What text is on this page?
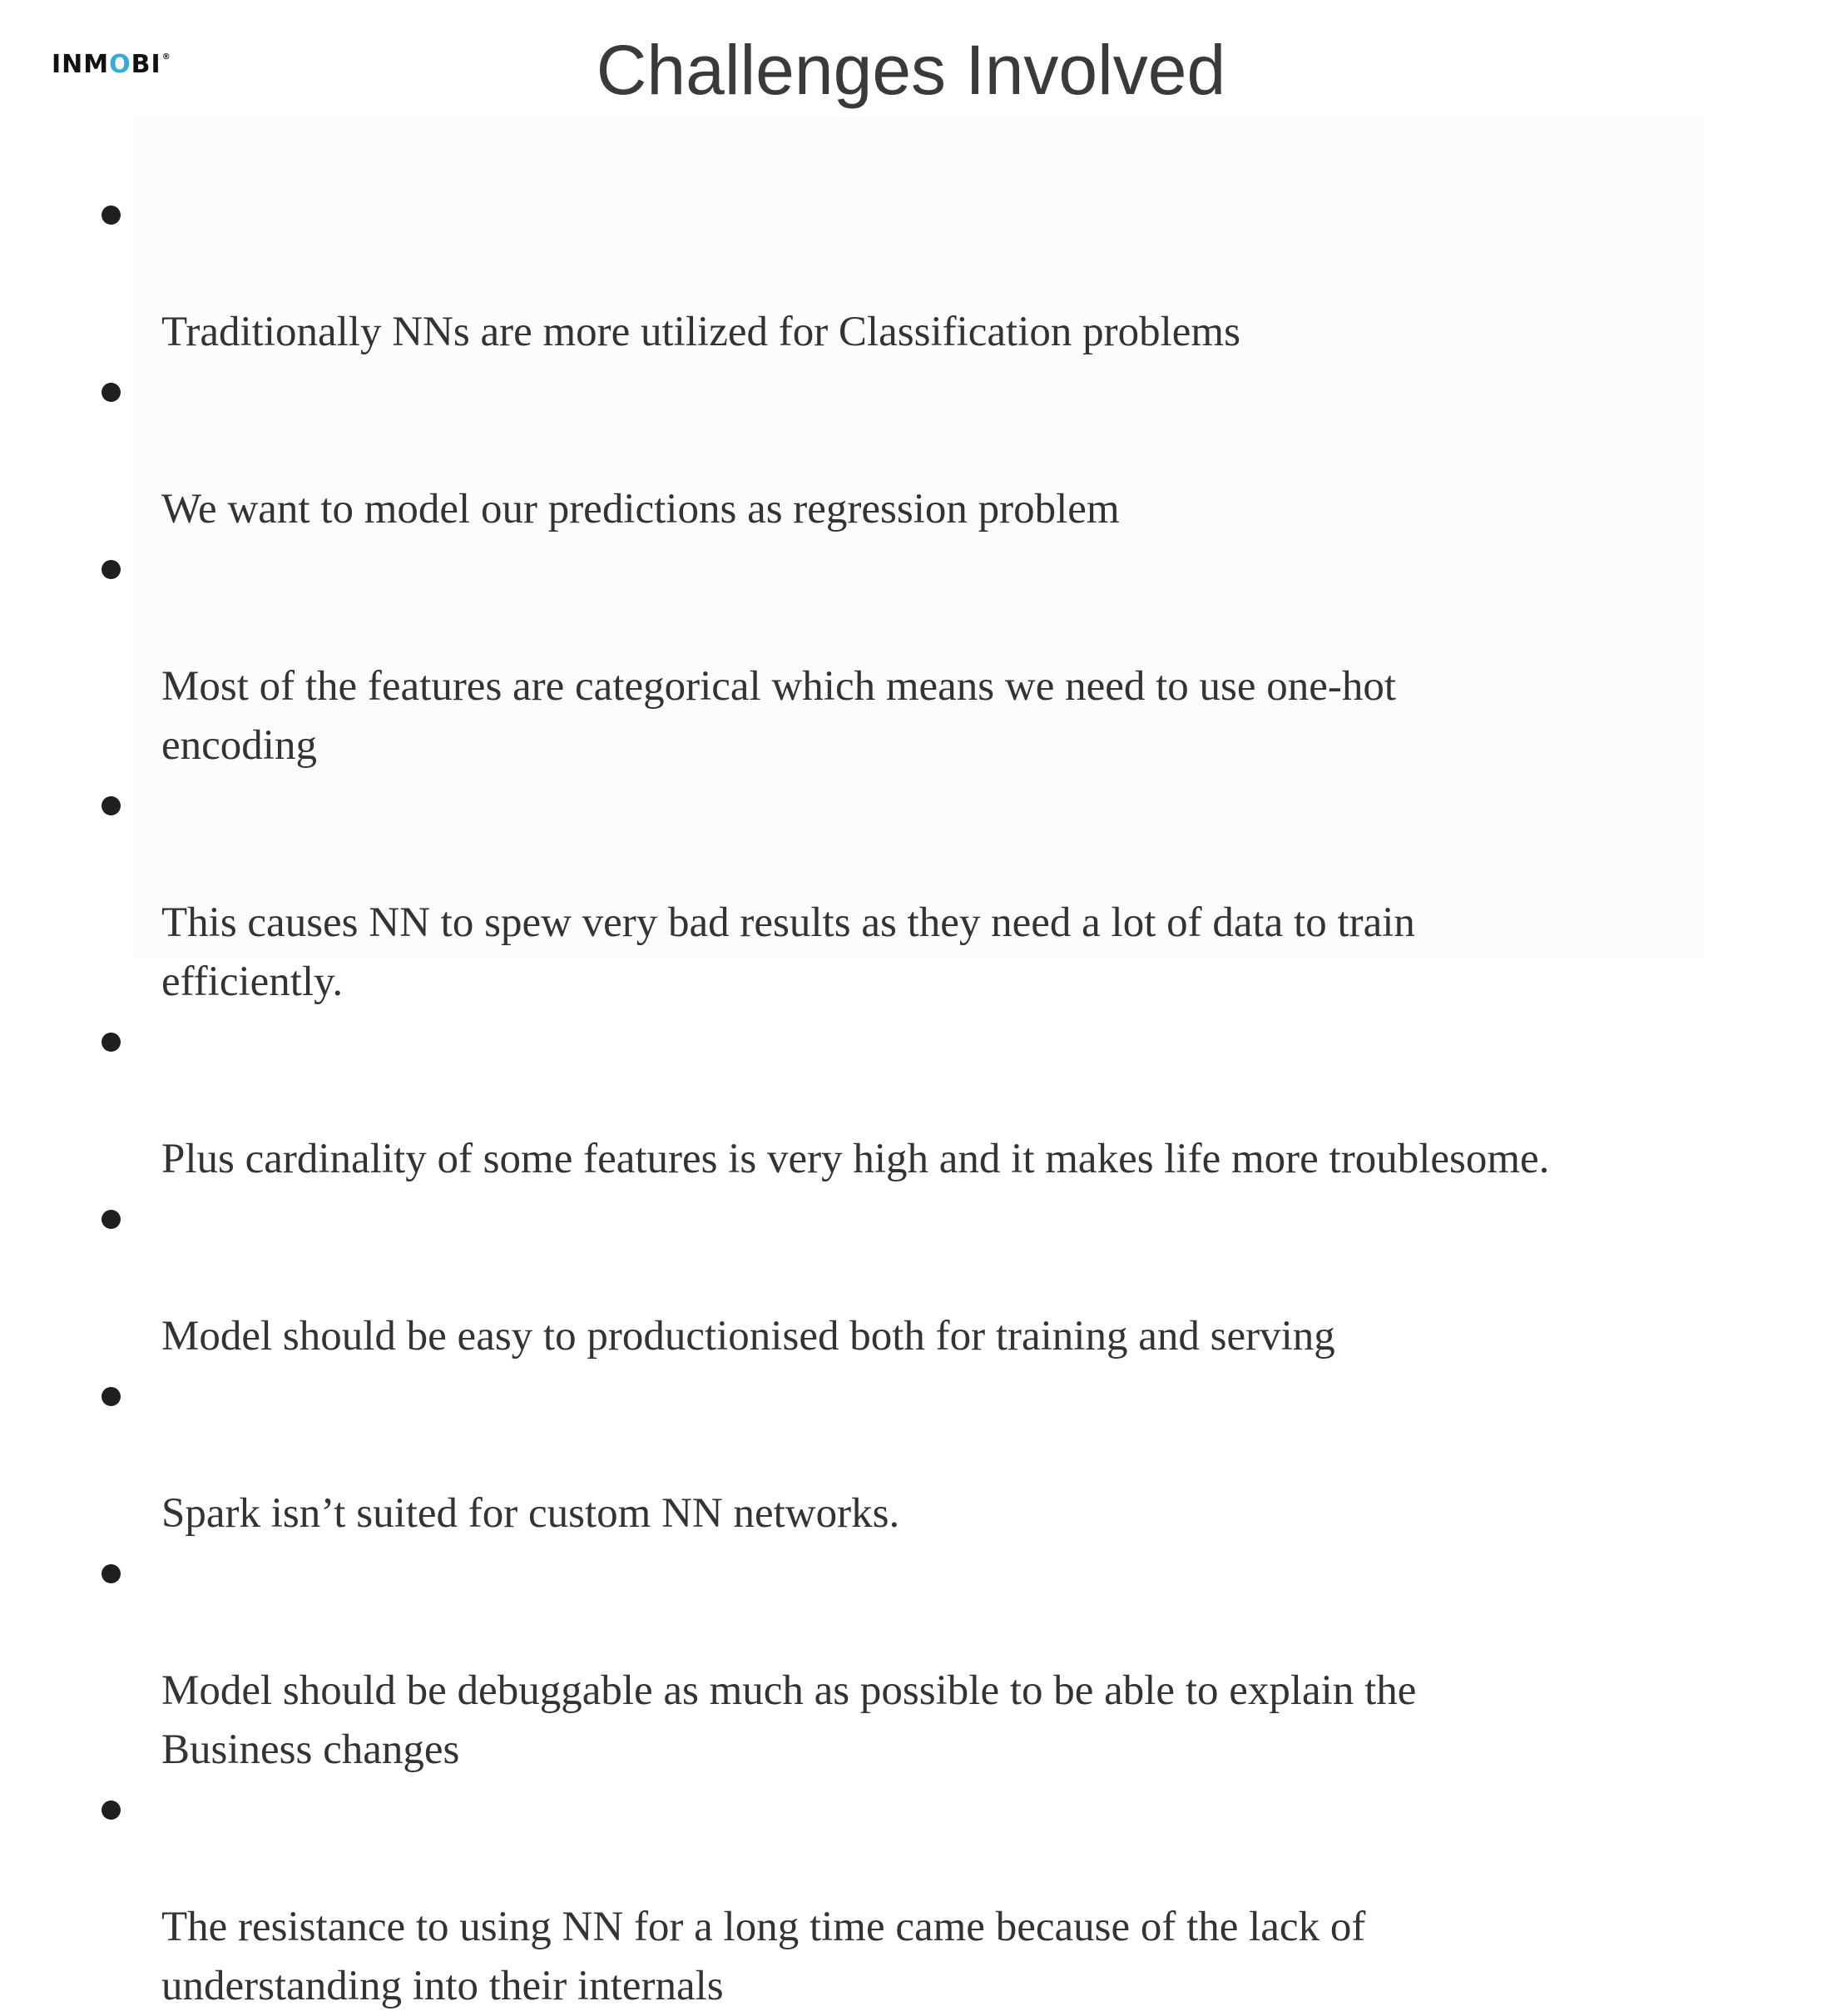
IN M O BI ®	Challenges Involved

Traditionally NNs are more utilized for Classification problems

We want to model our predictions as regression problem

Most of the features are categorical which means we need to use one-hot
encoding

This causes NN to spew very bad results as they need a lot of data to train
efficiently.

Plus cardinality of some features is very high and it makes life more troublesome.

Model should be easy to productionised both for training and serving

Spark isn’t suited for custom NN networks.

Model should be debuggable as much as possible to be able to explain the
Business changes

The resistance to using NN for a long time came because of the lack of
understanding into their internals
